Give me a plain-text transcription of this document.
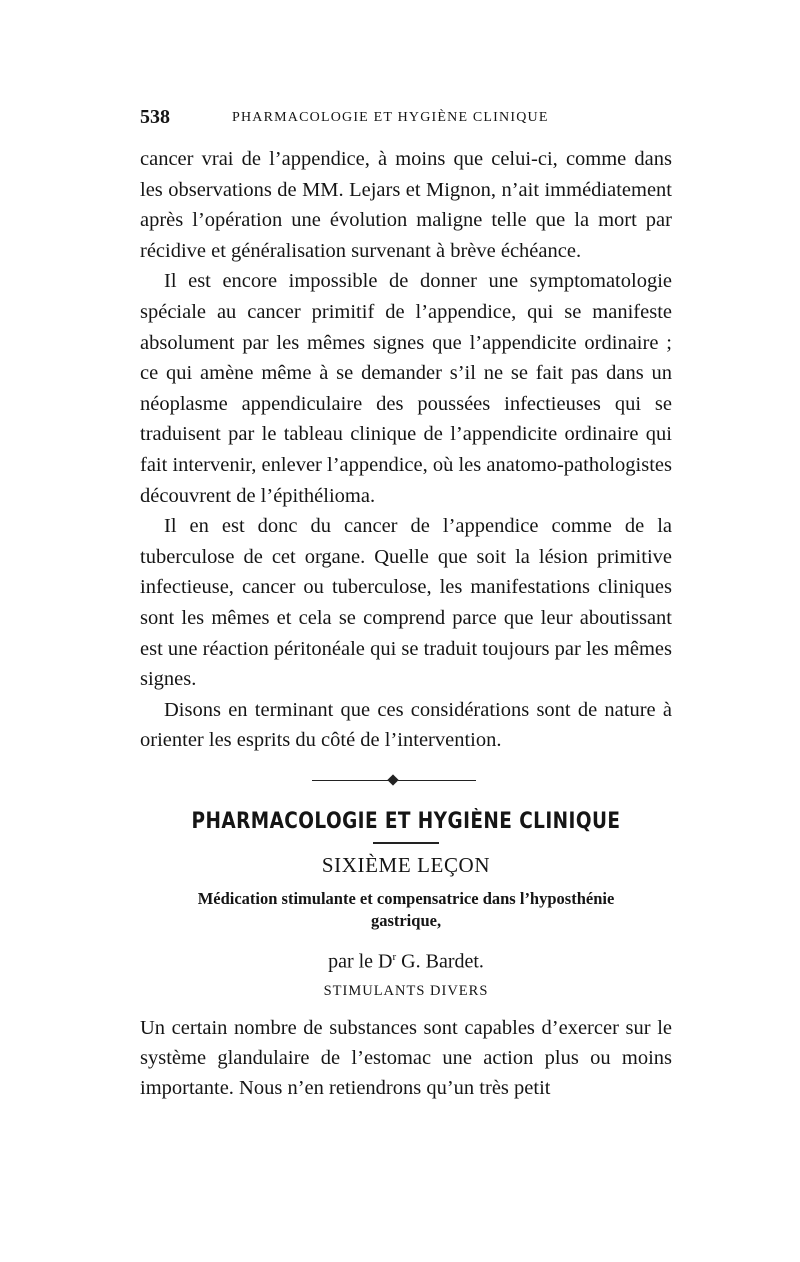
538	PHARMACOLOGIE ET HYGIÈNE CLINIQUE

cancer vrai de l’appendice, à moins que celui-ci, comme dans les observations de MM. Lejars et Mignon, n’ait immédiatement après l’opération une évolution maligne telle que la mort par récidive et généralisation survenant à brève échéance.

Il est encore impossible de donner une symptomatologie spéciale au cancer primitif de l’appendice, qui se manifeste absolument par les mêmes signes que l’appendicite ordinaire ; ce qui amène même à se demander s’il ne se fait pas dans un néoplasme appendiculaire des poussées infectieuses qui se traduisent par le tableau clinique de l’appendicite ordinaire qui fait intervenir, enlever l’appendice, où les anatomo-pathologistes découvrent de l’épithélioma.

Il en est donc du cancer de l’appendice comme de la tuberculose de cet organe. Quelle que soit la lésion primitive infectieuse, cancer ou tuberculose, les manifestations cliniques sont les mêmes et cela se comprend parce que leur aboutissant est une réaction péritonéale qui se traduit toujours par les mêmes signes.

Disons en terminant que ces considérations sont de nature à orienter les esprits du côté de l’intervention.

PHARMACOLOGIE ET HYGIÈNE CLINIQUE
SIXIÈME LEÇON
Médication stimulante et compensatrice dans l’hyposthénie
gastrique,
par le $D^r$ G. Bardet.
STIMULANTS DIVERS

Un certain nombre de substances sont capables d’exercer sur le système glandulaire de l’estomac une action plus ou moins importante. Nous n’en retiendrons qu’un très petit
